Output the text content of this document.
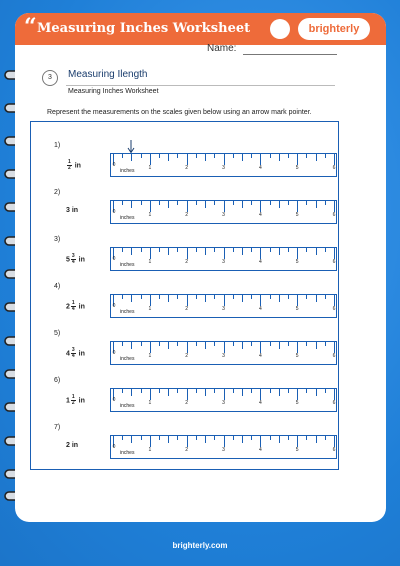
“ Measuring Inches Worksheet	brighterly
Name:
3	Measuring Ilength
Measuring Inches Worksheet
Represent the measurements on the scales given below using an arrow mark pointer.
1)
$\frac{1}{2}$ in	0	1	2	3	4	5	6
inches
2)
3 in	0	1	2	3	4	5	6
inches
3)
$5 \frac{3}{4}$ in	0	1	2	3	4	5	6
inches
4)
$2 \frac{1}{4}$ in	0	1	2	3	4	5	6
inches
5)
$4 \frac{3}{4}$ in	0	1	2	3	4	5	6
inches
6)
$1 \frac{1}{2}$ in	0	1	2	3	4	5	6
inches
7)
2 in	0	1	2	3	4	5	6
inches
brighterly.com
